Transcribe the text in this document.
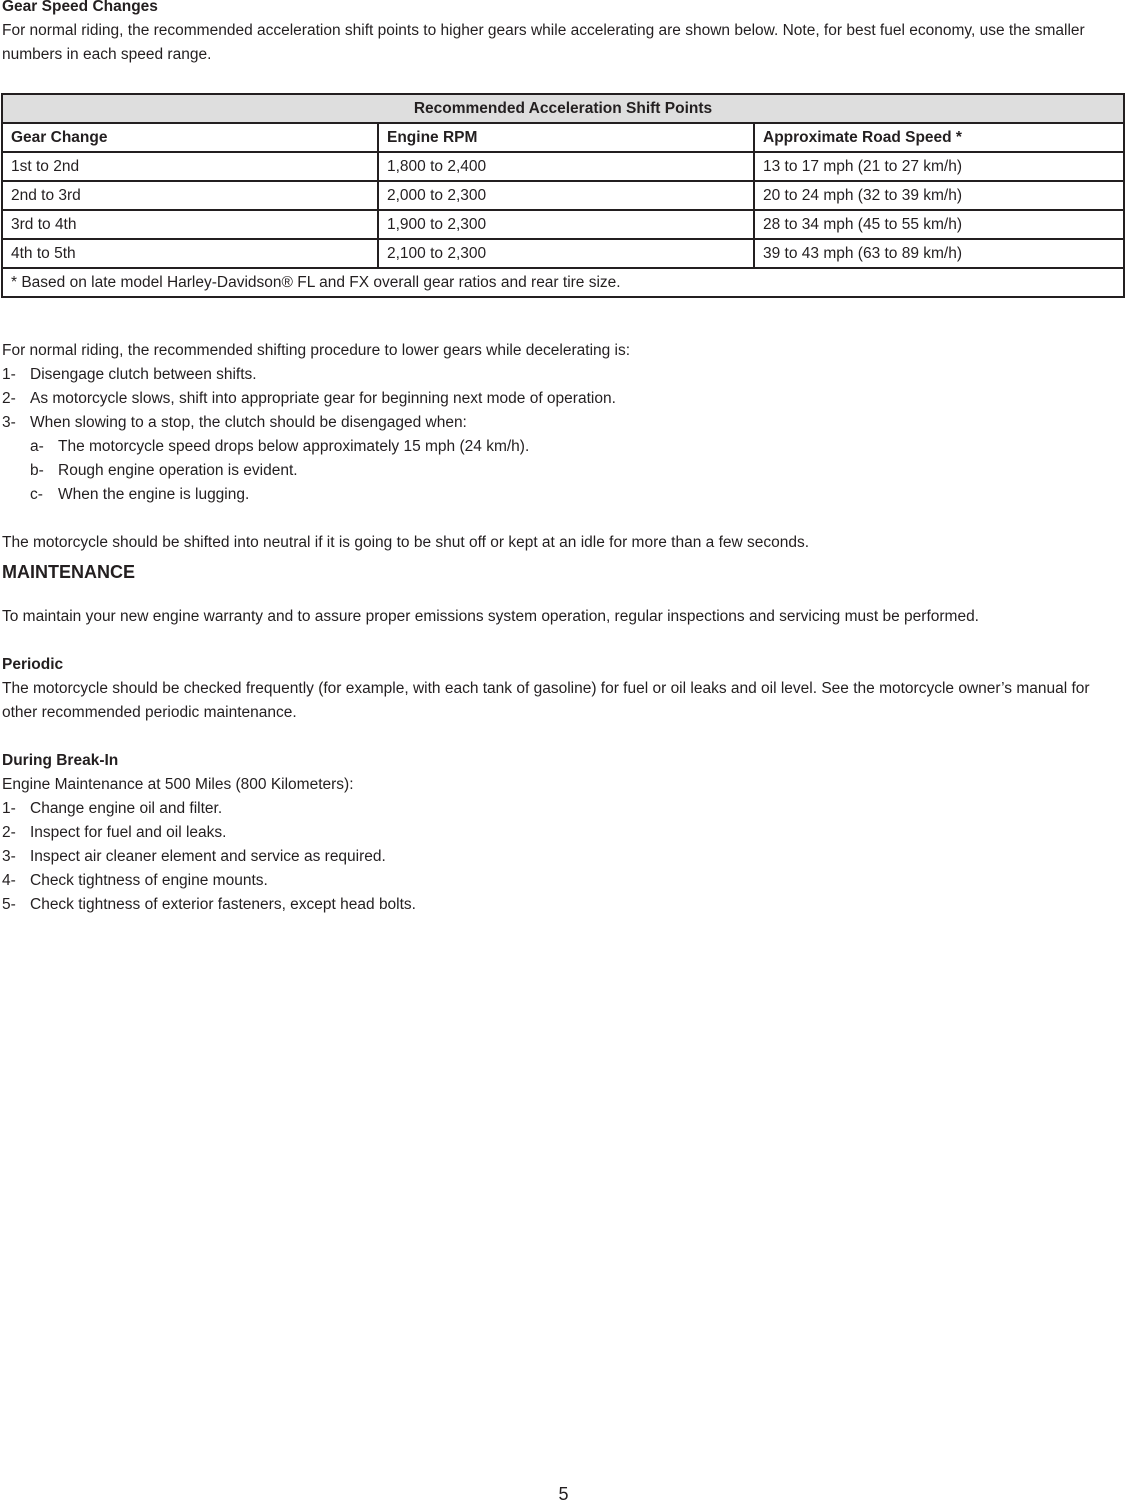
Gear Speed Changes

For normal riding, the recommended acceleration shift points to higher gears while accelerating are shown below. Note, for best fuel economy, use the smaller numbers in each speed range.

Recommended Acceleration Shift Points		
Gear Change	Engine RPM	Approximate Road Speed *
1st to 2nd	1,800 to 2,400	13 to 17 mph (21 to 27 km/h)
2nd to 3rd	2,000 to 2,300	20 to 24 mph (32 to 39 km/h)
3rd to 4th	1,900 to 2,300	28 to 34 mph (45 to 55 km/h)
4th to 5th	2,100 to 2,300	39 to 43 mph (63 to 89 km/h)
* Based on late model Harley-Davidson® FL and FX overall gear ratios and rear tire size.		

For normal riding, the recommended shifting procedure to lower gears while decelerating is:

1- Disengage clutch between shifts.
2- As motorcycle slows, shift into appropriate gear for beginning next mode of operation.
3- When slowing to a stop, the clutch should be disengaged when:
a- The motorcycle speed drops below approximately 15 mph (24 km/h).
b- Rough engine operation is evident.
c- When the engine is lugging.

The motorcycle should be shifted into neutral if it is going to be shut off or kept at an idle for more than a few seconds.

MAINTENANCE

To maintain your new engine warranty and to assure proper emissions system operation, regular inspections and servicing must be performed.

Periodic

The motorcycle should be checked frequently (for example, with each tank of gasoline) for fuel or oil leaks and oil level. See the motorcycle owner’s manual for other recommended periodic maintenance.

During Break-In

Engine Maintenance at 500 Miles (800 Kilometers):

1- Change engine oil and filter.
2- Inspect for fuel and oil leaks.
3- Inspect air cleaner element and service as required.
4- Check tightness of engine mounts.
5- Check tightness of exterior fasteners, except head bolts.
5
